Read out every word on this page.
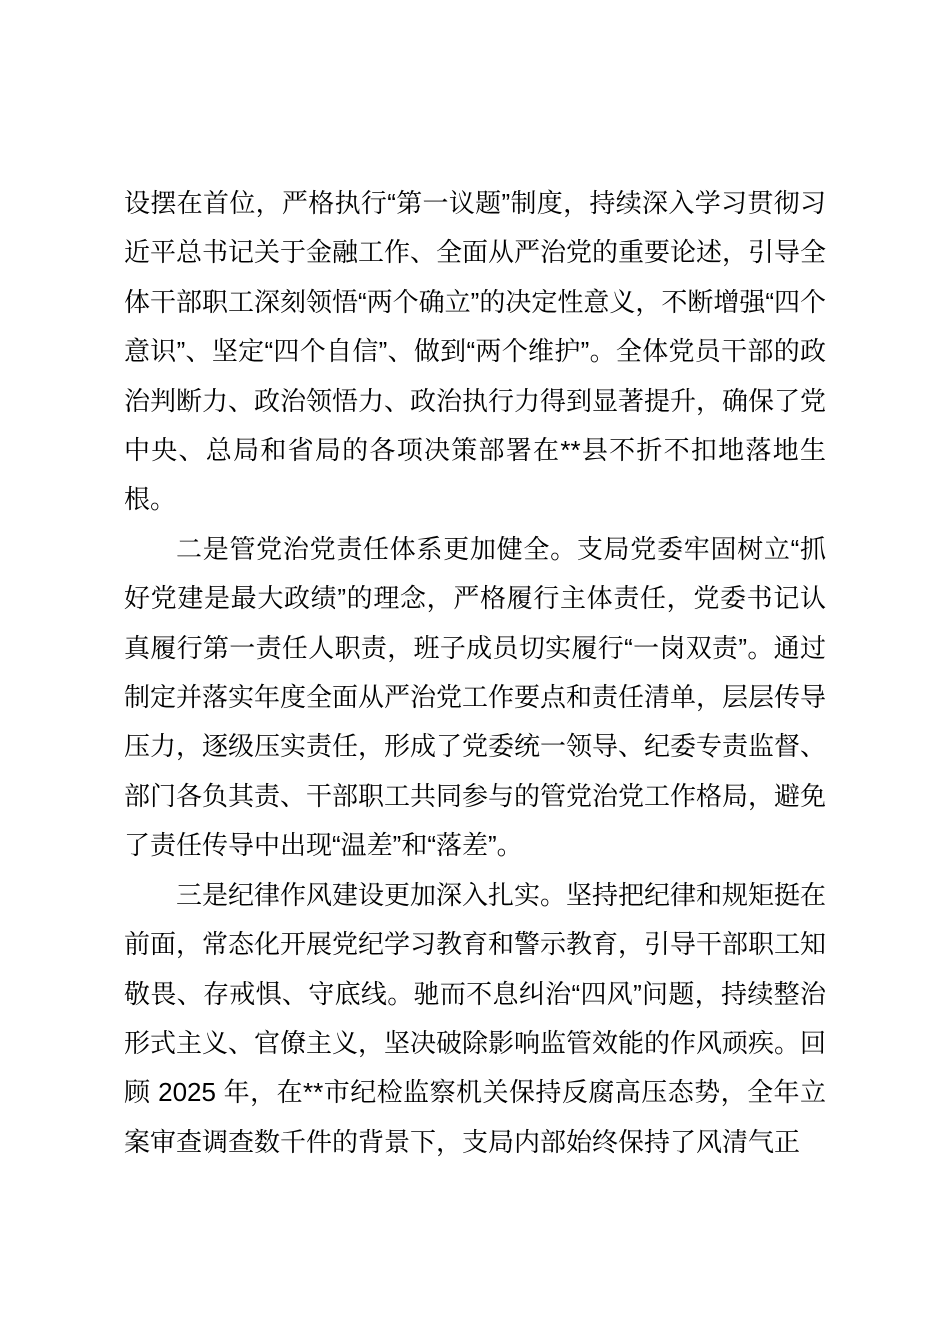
设摆在首位，严格执行“第一议题”制度，持续深入学习贯彻习近平总书记关于金融工作、全面从严治党的重要论述，引导全体干部职工深刻领悟“两个确立”的决定性意义，不断增强“四个意识”、坚定“四个自信”、做到“两个维护”。全体党员干部的政治判断力、政治领悟力、政治执行力得到显著提升，确保了党中央、总局和省局的各项决策部署在**县不折不扣地落地生根。

二是管党治党责任体系更加健全。支局党委牢固树立“抓好党建是最大政绩”的理念，严格履行主体责任，党委书记认真履行第一责任人职责，班子成员切实履行“一岗双责”。通过制定并落实年度全面从严治党工作要点和责任清单，层层传导压力，逐级压实责任，形成了党委统一领导、纪委专责监督、部门各负其责、干部职工共同参与的管党治党工作格局，避免了责任传导中出现“温差”和“落差”。

三是纪律作风建设更加深入扎实。坚持把纪律和规矩挺在前面，常态化开展党纪学习教育和警示教育，引导干部职工知敬畏、存戒惧、守底线。驰而不息纠治“四风”问题，持续整治形式主义、官僚主义，坚决破除影响监管效能的作风顽疾。回顾 2025 年，在**市纪检监察机关保持反腐高压态势，全年立案审查调查数千件的背景下，支局内部始终保持了风清气正
